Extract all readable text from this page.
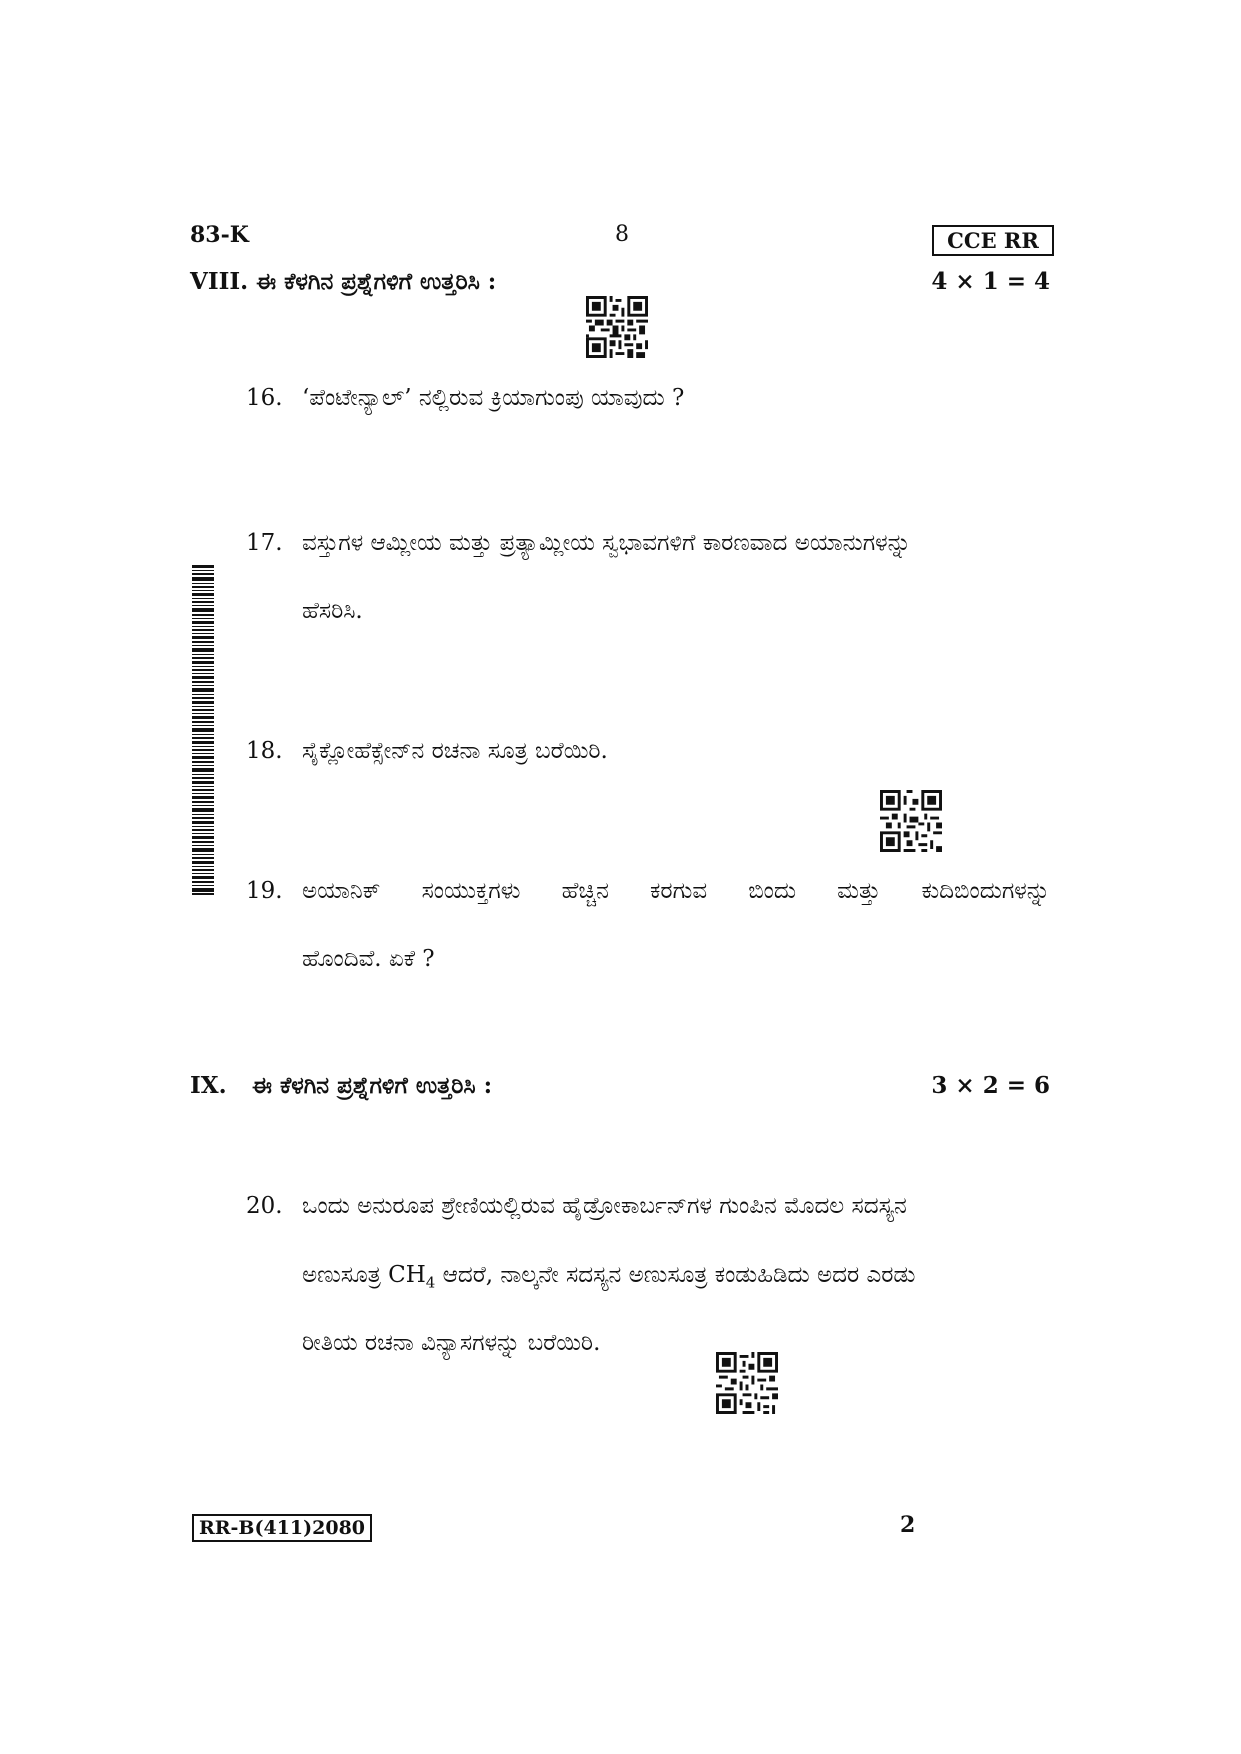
83-K	8	CCE RR
VIII. ಈ ಕೆಳಗಿನ ಪ್ರಶ್ನೆಗಳಿಗೆ ಉತ್ತರಿಸಿ :	4 × 1 = 4
16. ‘ಪೆಂಟೇನ್ಯಾಲ್’ ನಲ್ಲಿರುವ ಕ್ರಿಯಾಗುಂಪು ಯಾವುದು ?
17. ವಸ್ತುಗಳ ಆಮ್ಲೀಯ ಮತ್ತು ಪ್ರತ್ಯಾಮ್ಲೀಯ ಸ್ವಭಾವಗಳಿಗೆ ಕಾರಣವಾದ ಅಯಾನುಗಳನ್ನು
ಹೆಸರಿಸಿ.
18. ಸೈಕ್ಲೋಹೆಕ್ಸೇನ್‌ನ ರಚನಾ ಸೂತ್ರ ಬರೆಯಿರಿ.
19. ಅಯಾನಿಕ್ ಸಂಯುಕ್ತಗಳು ಹೆಚ್ಚಿನ ಕರಗುವ ಬಿಂದು ಮತ್ತು ಕುದಿಬಿಂದುಗಳನ್ನು
ಹೊಂದಿವೆ. ಏಕೆ ?
IX. ಈ ಕೆಳಗಿನ ಪ್ರಶ್ನೆಗಳಿಗೆ ಉತ್ತರಿಸಿ :	3 × 2 = 6
20. ಒಂದು ಅನುರೂಪ ಶ್ರೇಣಿಯಲ್ಲಿರುವ ಹೈಡ್ರೋಕಾರ್ಬನ್‌ಗಳ ಗುಂಪಿನ ಮೊದಲ ಸದಸ್ಯನ
ಅಣುಸೂತ್ರ $CH_4$ ಆದರೆ, ನಾಲ್ಕನೇ ಸದಸ್ಯನ ಅಣುಸೂತ್ರ ಕಂಡುಹಿಡಿದು ಅದರ ಎರಡು
ರೀತಿಯ ರಚನಾ ವಿನ್ಯಾಸಗಳನ್ನು ಬರೆಯಿರಿ.
RR-B(411)2080	2
